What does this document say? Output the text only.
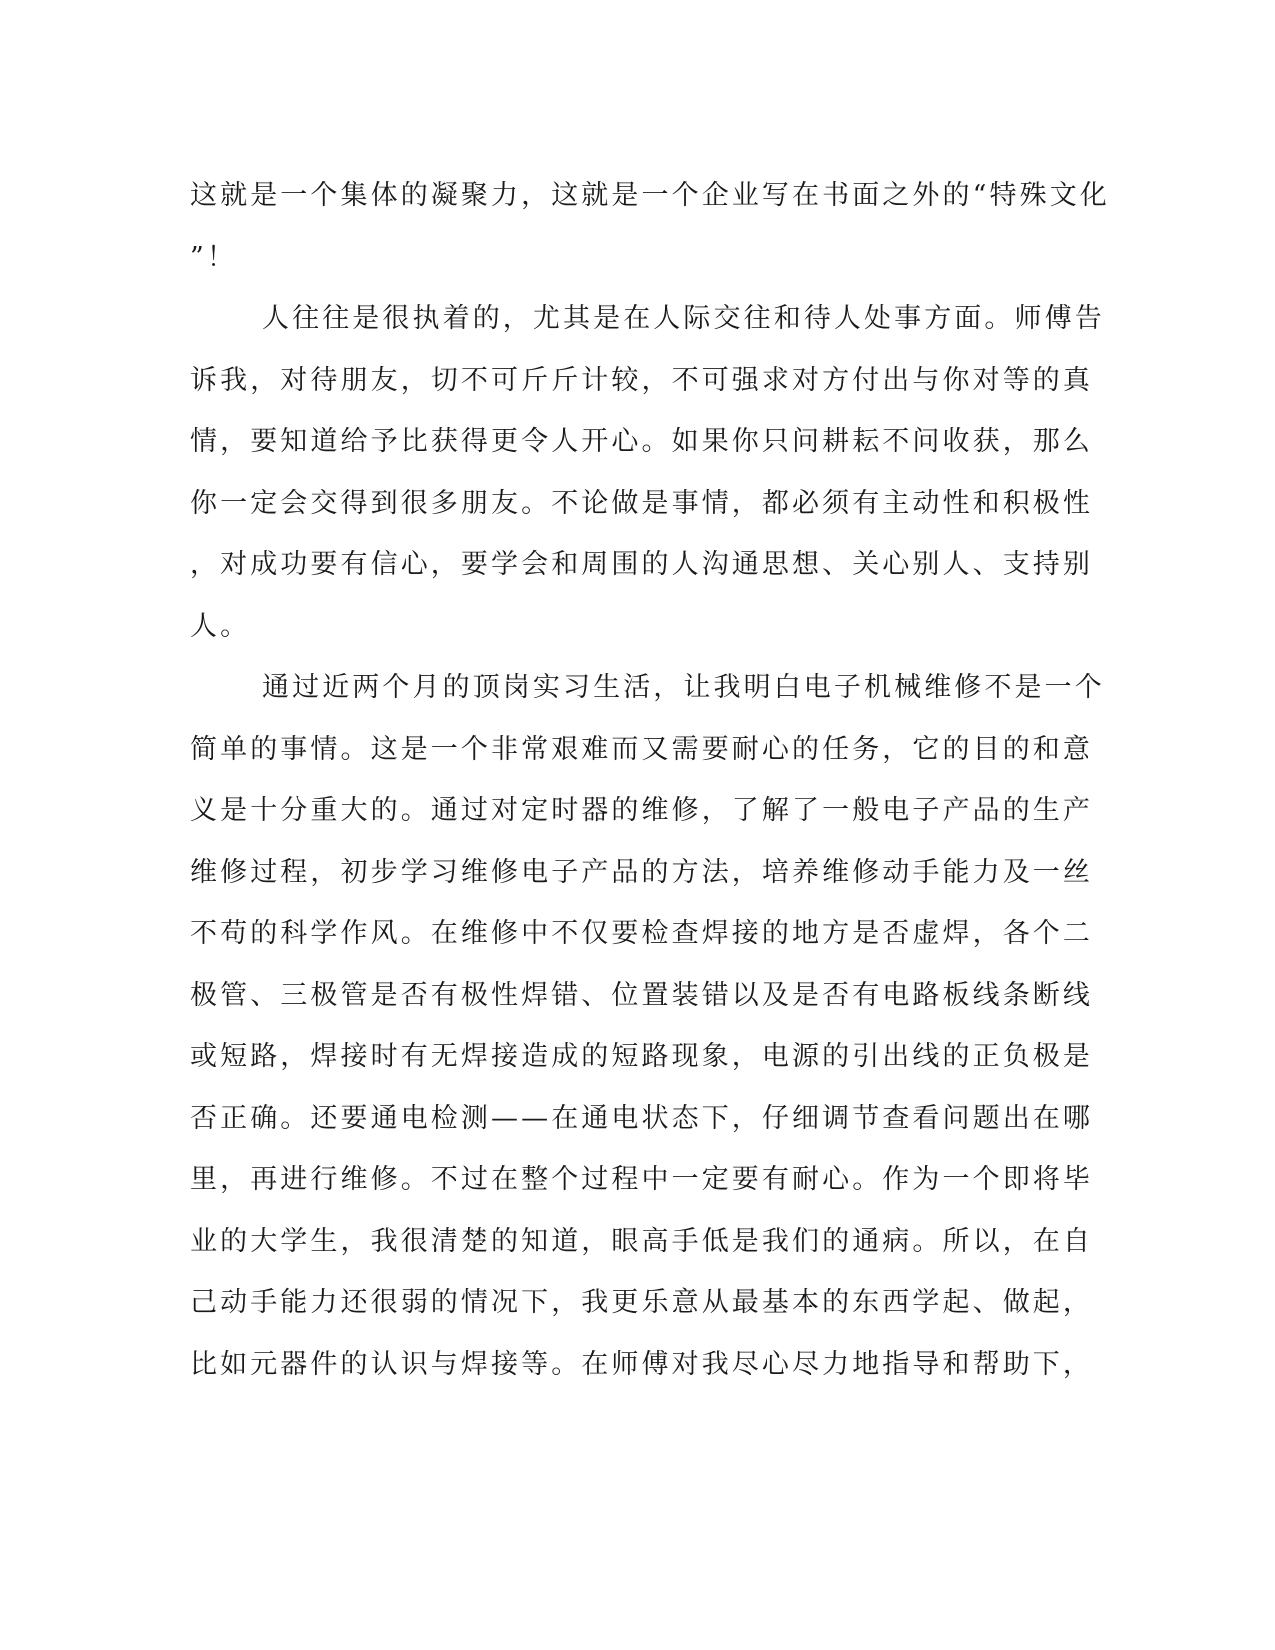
这就是一个集体的凝聚力，这就是一个企业写在书面之外的“特殊文化
”！
人往往是很执着的，尤其是在人际交往和待人处事方面。师傅告
诉我，对待朋友，切不可斤斤计较，不可强求对方付出与你对等的真
情，要知道给予比获得更令人开心。如果你只问耕耘不问收获，那么
你一定会交得到很多朋友。不论做是事情，都必须有主动性和积极性
，对成功要有信心，要学会和周围的人沟通思想、关心别人、支持别
人。
通过近两个月的顶岗实习生活，让我明白电子机械维修不是一个
简单的事情。这是一个非常艰难而又需要耐心的任务，它的目的和意
义是十分重大的。通过对定时器的维修，了解了一般电子产品的生产
维修过程，初步学习维修电子产品的方法，培养维修动手能力及一丝
不苟的科学作风。在维修中不仅要检查焊接的地方是否虚焊，各个二
极管、三极管是否有极性焊错、位置装错以及是否有电路板线条断线
或短路，焊接时有无焊接造成的短路现象，电源的引出线的正负极是
否正确。还要通电检测——在通电状态下，仔细调节查看问题出在哪
里，再进行维修。不过在整个过程中一定要有耐心。作为一个即将毕
业的大学生，我很清楚的知道，眼高手低是我们的通病。所以，在自
己动手能力还很弱的情况下，我更乐意从最基本的东西学起、做起，
比如元器件的认识与焊接等。在师傅对我尽心尽力地指导和帮助下，
